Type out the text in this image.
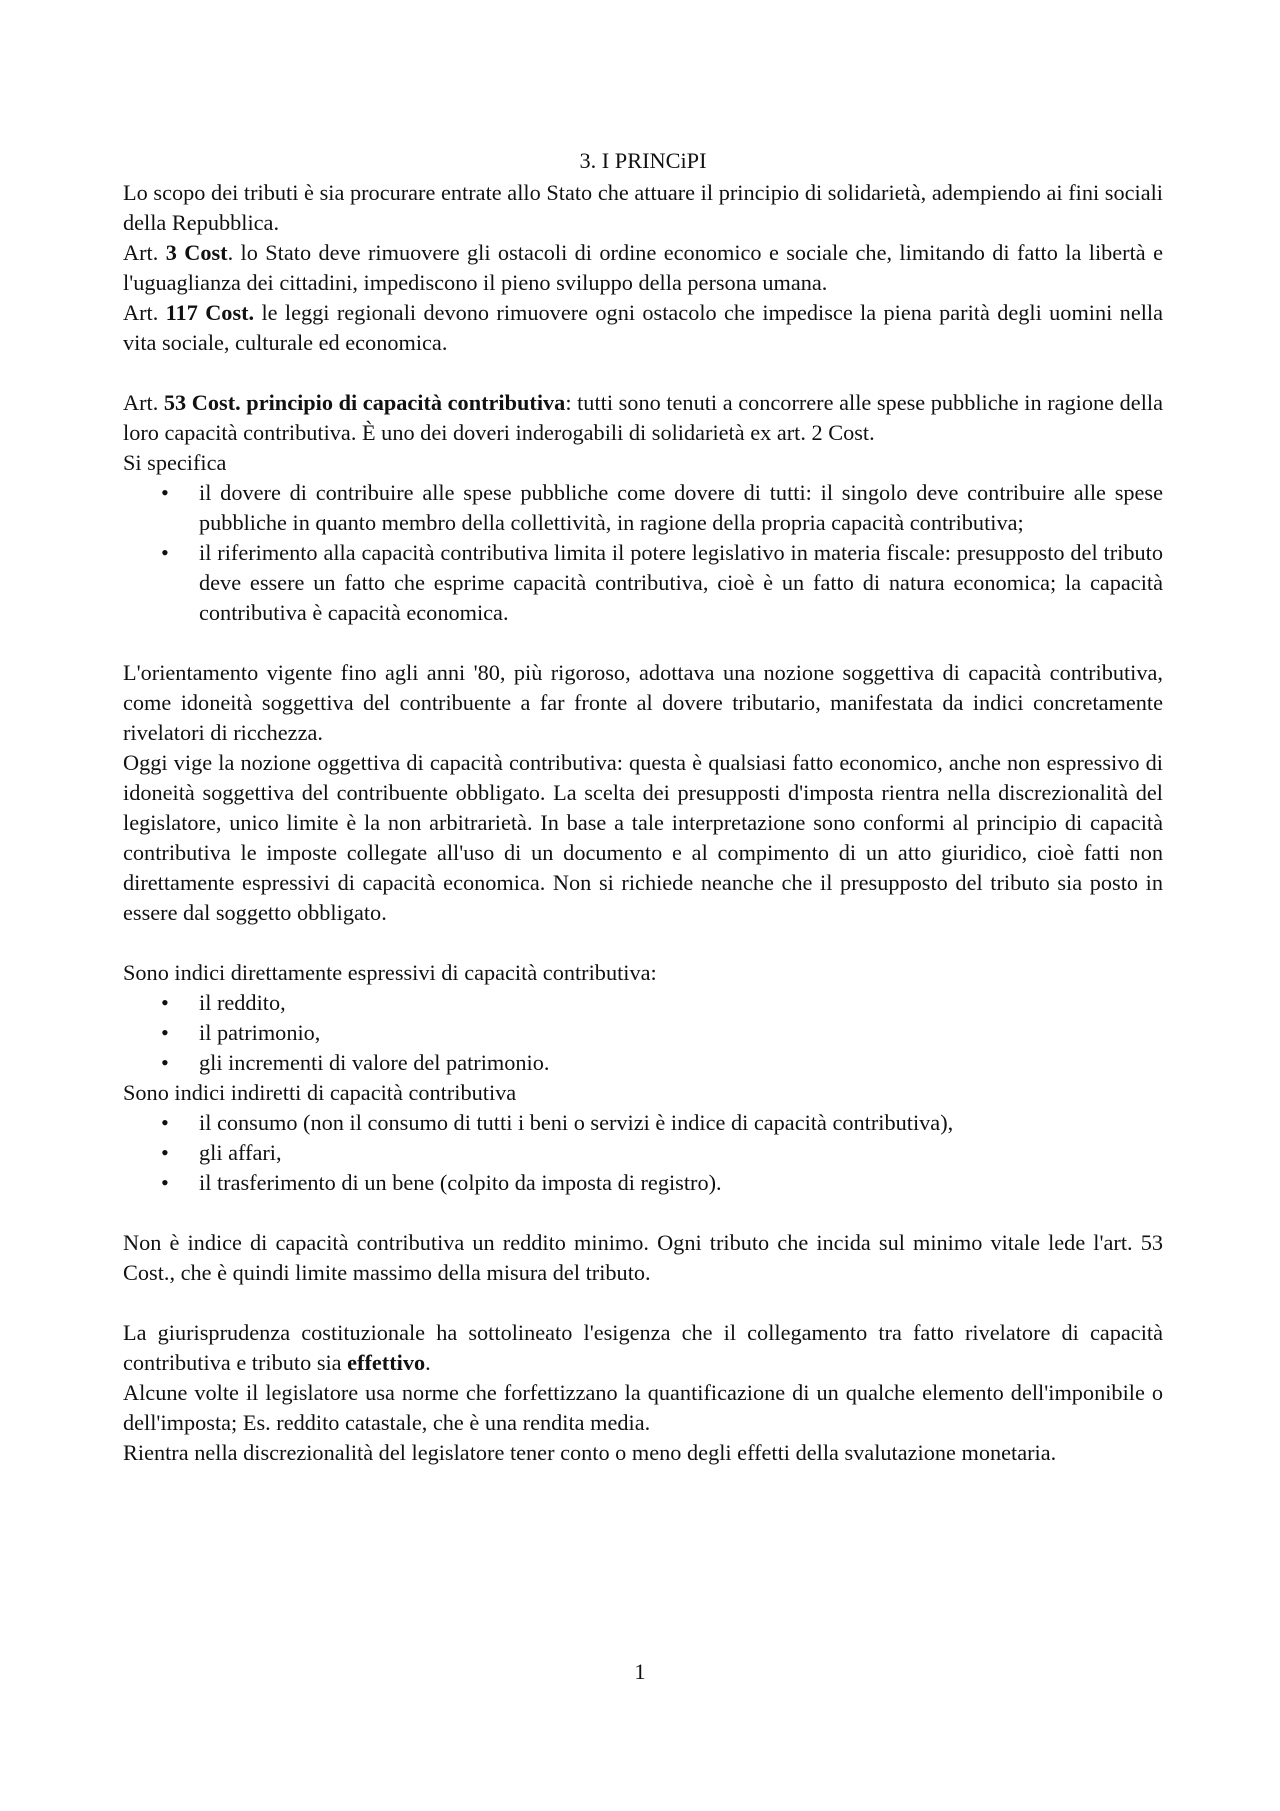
3. I PRINCiPI

Lo scopo dei tributi è sia procurare entrate allo Stato che attuare il principio di solidarietà, adempiendo ai fini sociali della Repubblica.

Art. 3 Cost. lo Stato deve rimuovere gli ostacoli di ordine economico e sociale che, limitando di fatto la libertà e l'uguaglianza dei cittadini, impediscono il pieno sviluppo della persona umana.

Art. 117 Cost. le leggi regionali devono rimuovere ogni ostacolo che impedisce la piena parità degli uomini nella vita sociale, culturale ed economica.

Art. 53 Cost. principio di capacità contributiva: tutti sono tenuti a concorrere alle spese pubbliche in ragione della loro capacità contributiva. È uno dei doveri inderogabili di solidarietà ex art. 2 Cost.

Si specifica

• il dovere di contribuire alle spese pubbliche come dovere di tutti: il singolo deve contribuire alle spese pubbliche in quanto membro della collettività, in ragione della propria capacità contributiva;
• il riferimento alla capacità contributiva limita il potere legislativo in materia fiscale: presupposto del tributo deve essere un fatto che esprime capacità contributiva, cioè è un fatto di natura economica; la capacità contributiva è capacità economica.

L'orientamento vigente fino agli anni '80, più rigoroso, adottava una nozione soggettiva di capacità contributiva, come idoneità soggettiva del contribuente a far fronte al dovere tributario, manifestata da indici concretamente rivelatori di ricchezza.

Oggi vige la nozione oggettiva di capacità contributiva: questa è qualsiasi fatto economico, anche non espressivo di idoneità soggettiva del contribuente obbligato. La scelta dei presupposti d'imposta rientra nella discrezionalità del legislatore, unico limite è la non arbitrarietà. In base a tale interpretazione sono conformi al principio di capacità contributiva le imposte collegate all'uso di un documento e al compimento di un atto giuridico, cioè fatti non direttamente espressivi di capacità economica. Non si richiede neanche che il presupposto del tributo sia posto in essere dal soggetto obbligato.

Sono indici direttamente espressivi di capacità contributiva:

• il reddito,
• il patrimonio,
• gli incrementi di valore del patrimonio.

Sono indici indiretti di capacità contributiva

• il consumo (non il consumo di tutti i beni o servizi è indice di capacità contributiva),
• gli affari,
• il trasferimento di un bene (colpito da imposta di registro).

Non è indice di capacità contributiva un reddito minimo. Ogni tributo che incida sul minimo vitale lede l'art. 53 Cost., che è quindi limite massimo della misura del tributo.

La giurisprudenza costituzionale ha sottolineato l'esigenza che il collegamento tra fatto rivelatore di capacità contributiva e tributo sia effettivo.

Alcune volte il legislatore usa norme che forfettizzano la quantificazione di un qualche elemento dell'imponibile o dell'imposta; Es. reddito catastale, che è una rendita media.

Rientra nella discrezionalità del legislatore tener conto o meno degli effetti della svalutazione monetaria.

1
